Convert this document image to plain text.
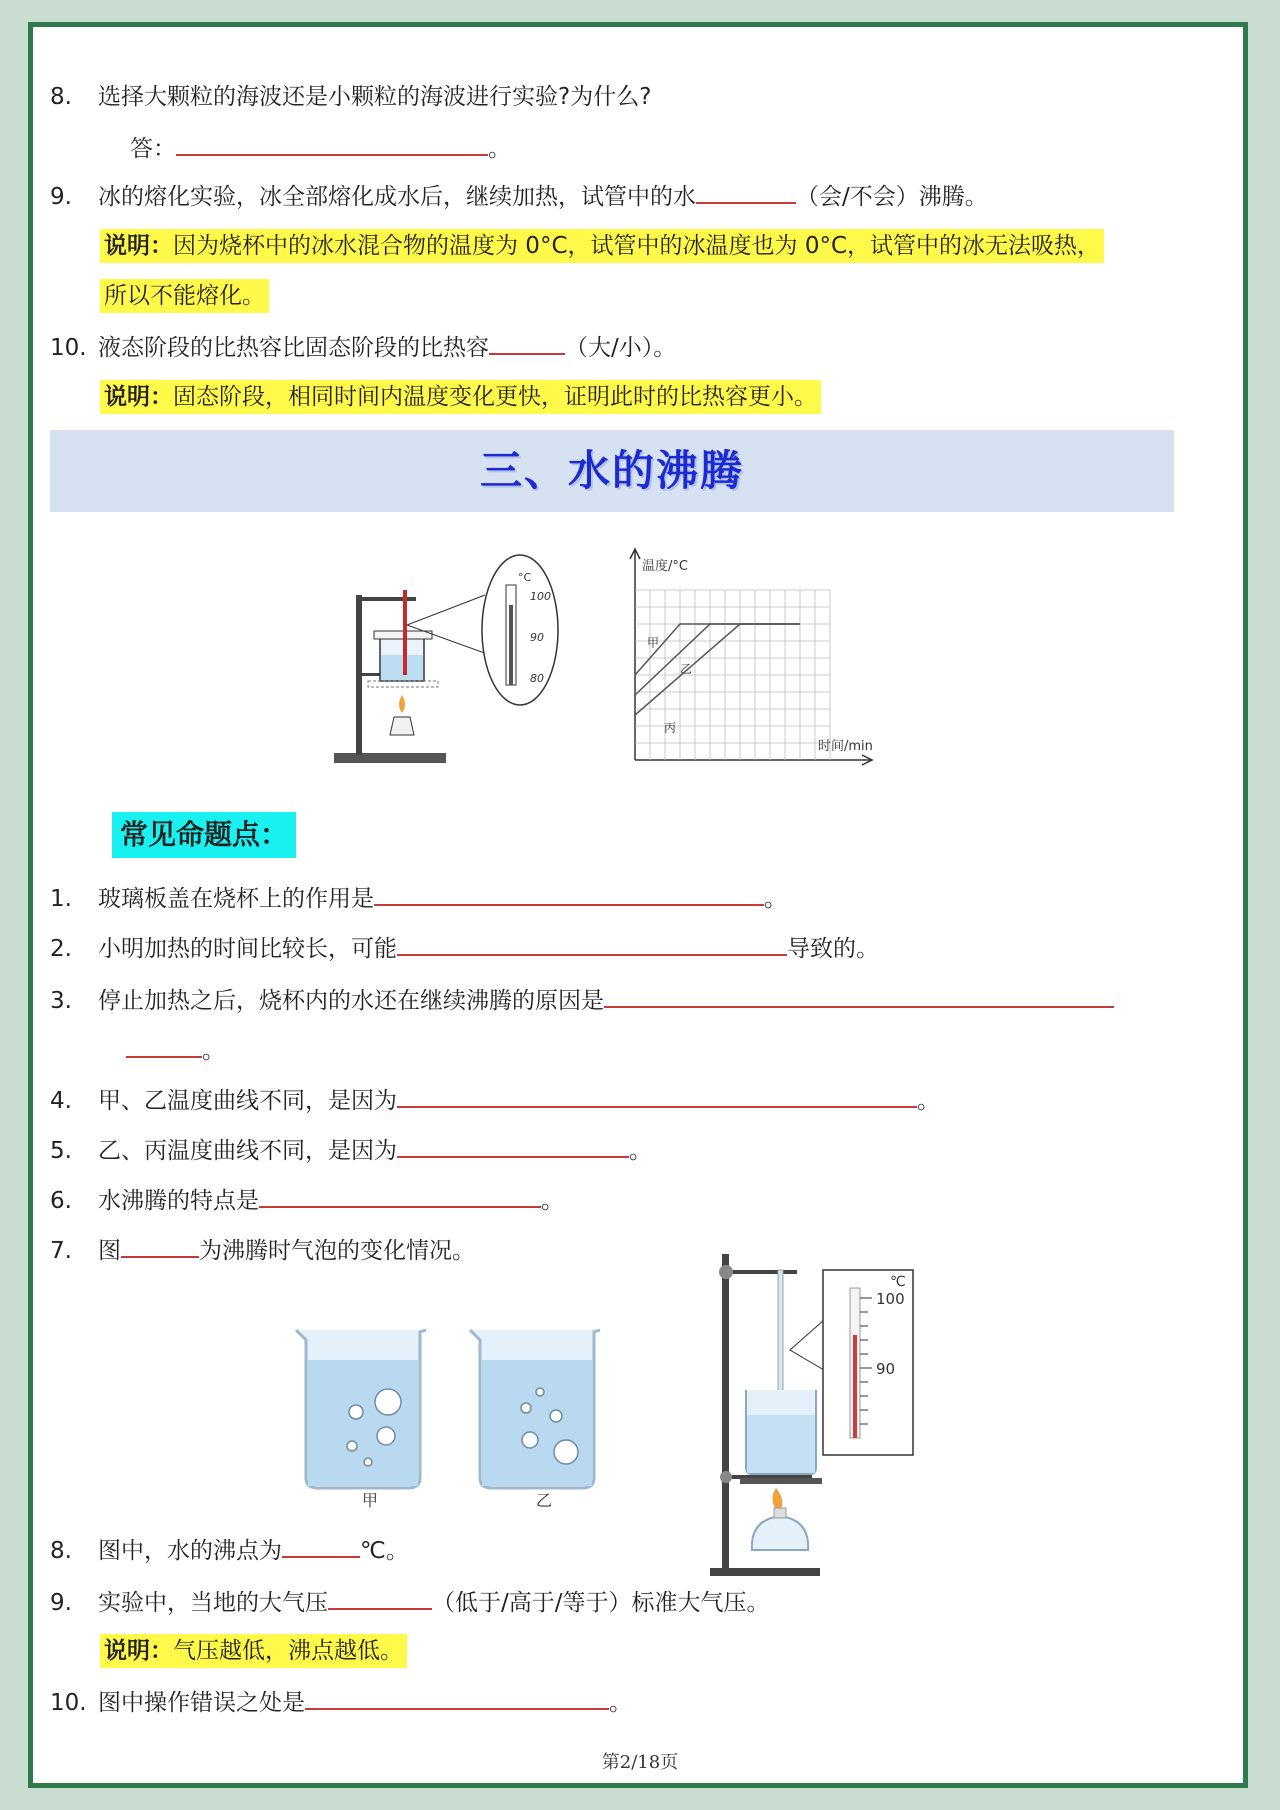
8. 选择大颗粒的海波还是小颗粒的海波进行实验?为什么?
答：	。
9. 冰的熔化实验，冰全部熔化成水后，继续加热，试管中的水	（会/不会）沸腾。
说明：因为烧杯中的冰水混合物的温度为 0°C，试管中的冰温度也为 0°C，试管中的冰无法吸热，
所以不能熔化。
10. 液态阶段的比热容比固态阶段的比热容	（大/小）。
说明：固态阶段，相同时间内温度变化更快，证明此时的比热容更小。
三、水的沸腾
°C
100
90
80
温度/°C
时间/min
甲
乙
丙
常见命题点：
1. 玻璃板盖在烧杯上的作用是	。
2. 小明加热的时间比较长，可能	导致的。
3. 停止加热之后，烧杯内的水还在继续沸腾的原因是
。
4. 甲、乙温度曲线不同，是因为	。
5. 乙、丙温度曲线不同，是因为	。
6. 水沸腾的特点是	。
7. 图	为沸腾时气泡的变化情况。
甲	乙
℃
100
90
8. 图中，水的沸点为	℃。
9. 实验中，当地的大气压	（低于/高于/等于）标准大气压。
说明：气压越低，沸点越低。
10. 图中操作错误之处是	。
第2/18页
